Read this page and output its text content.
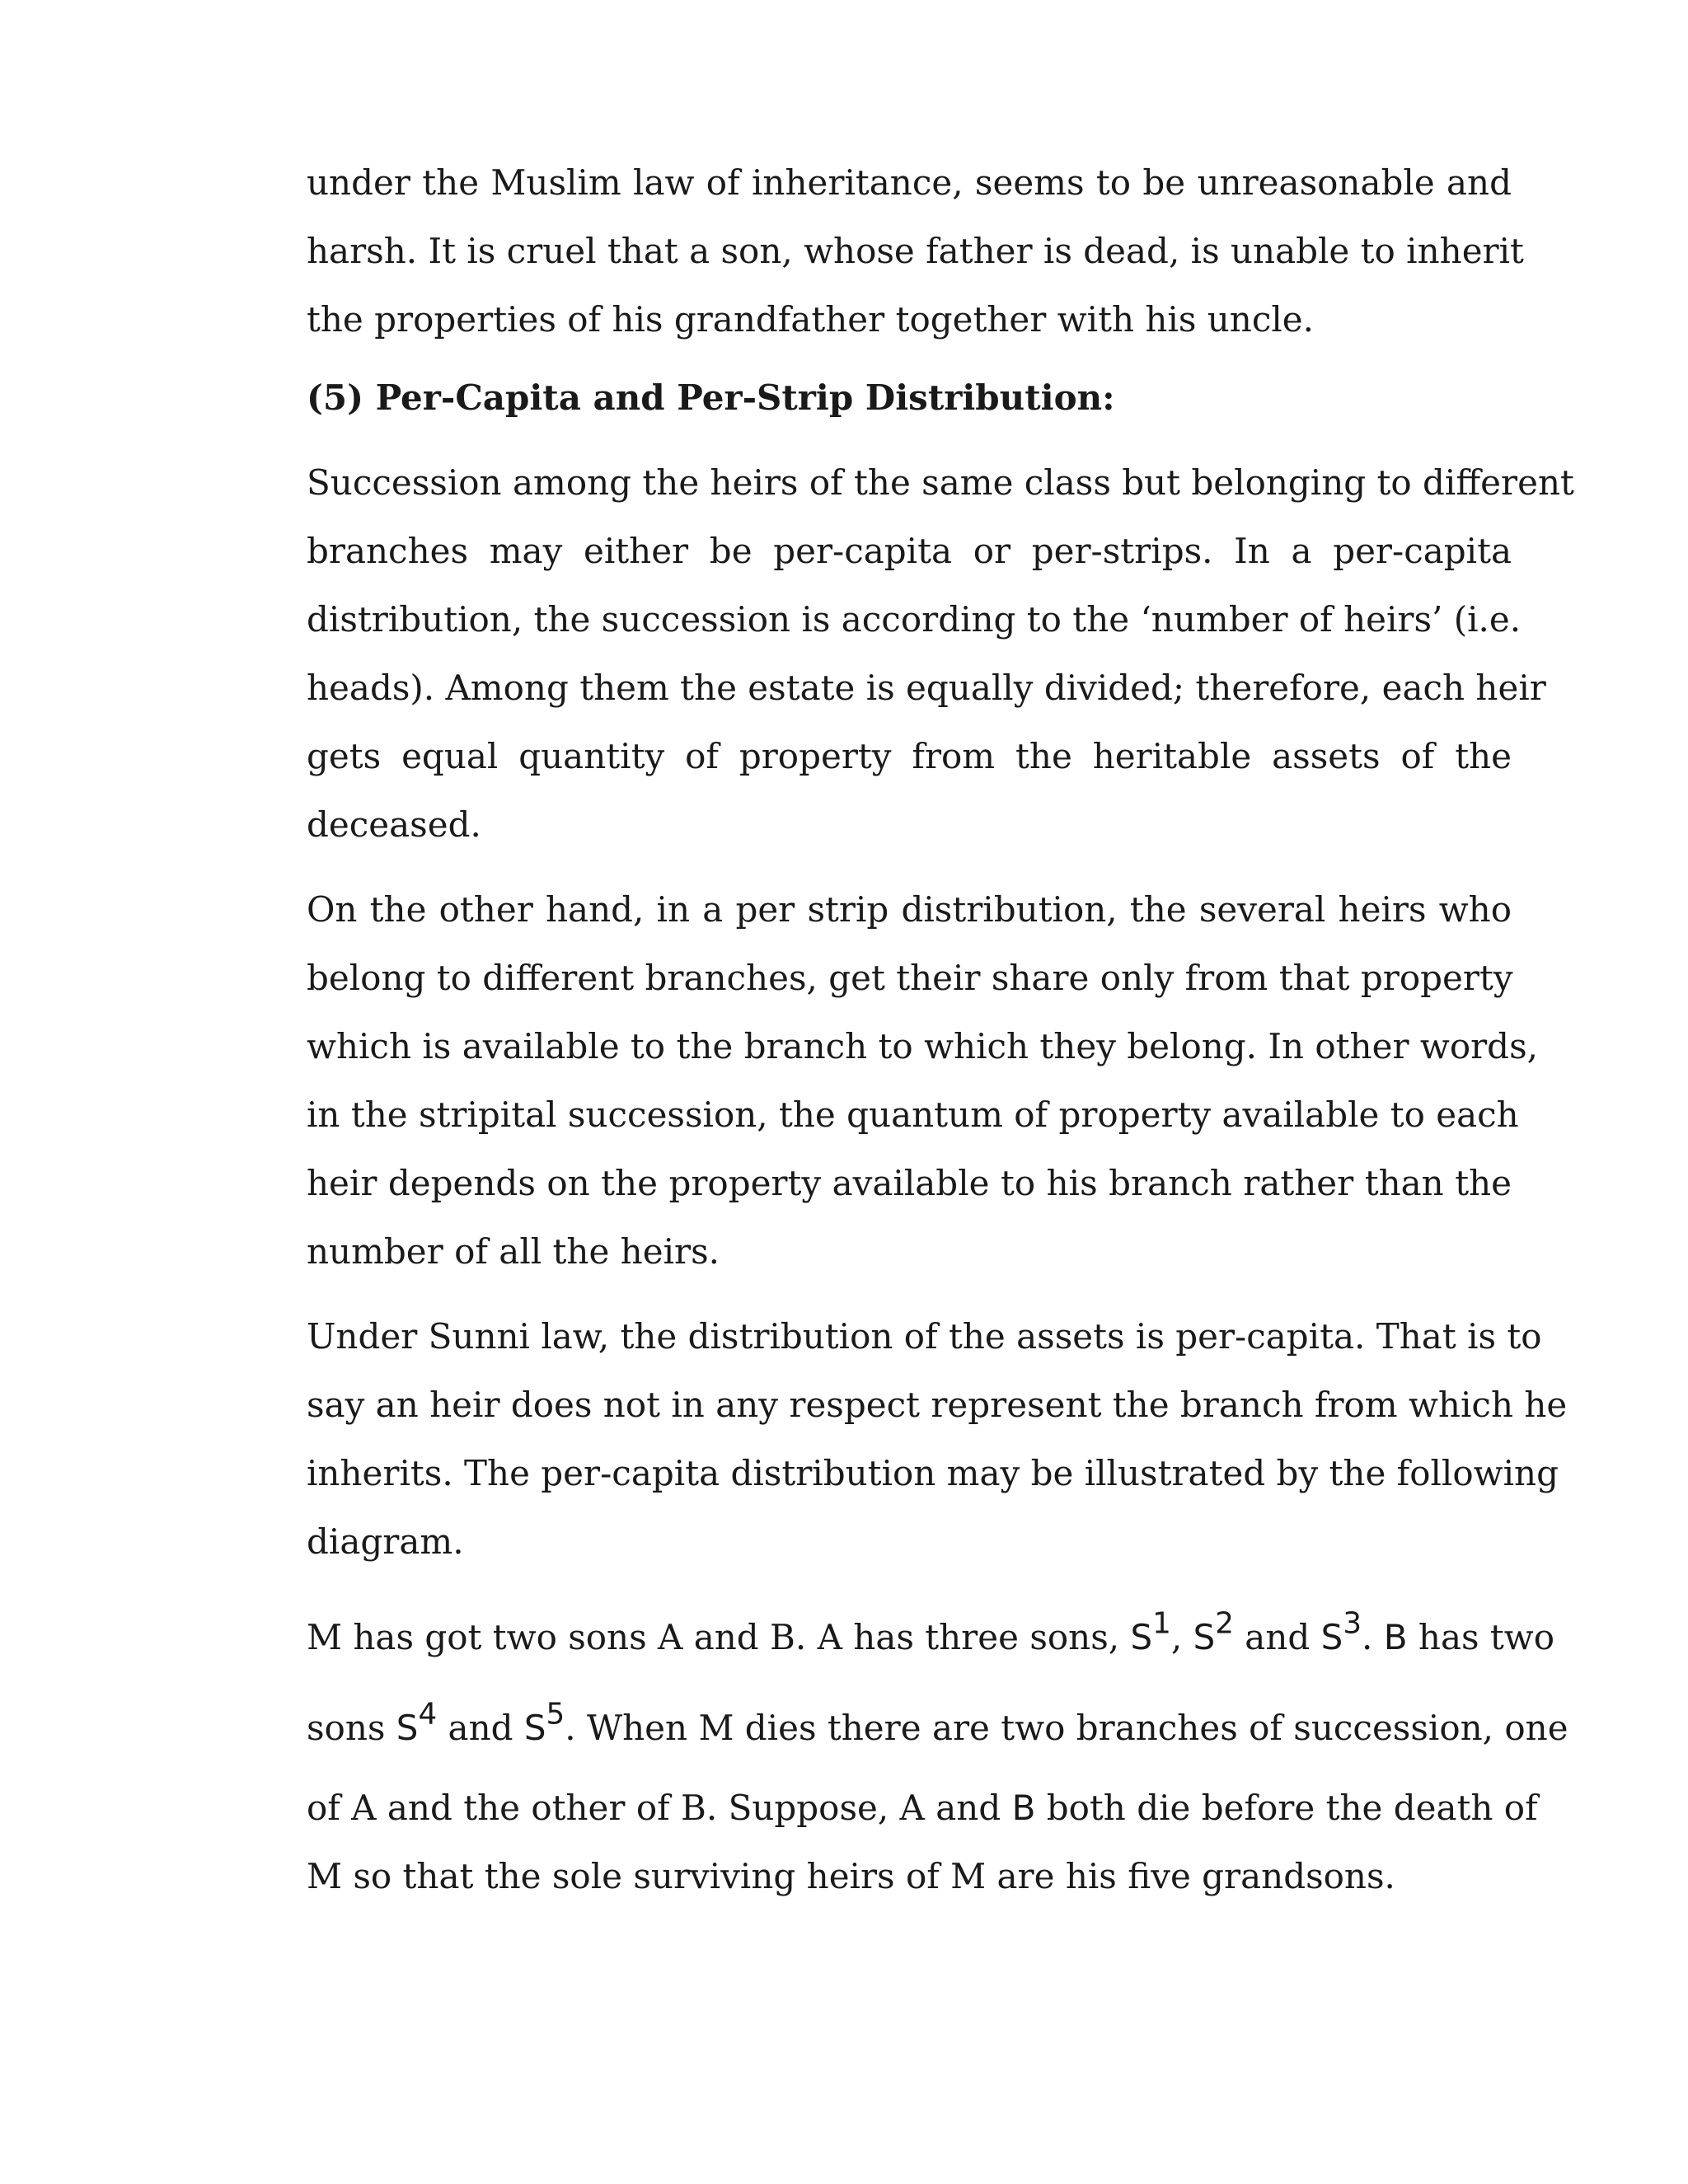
under the Muslim law of inheritance, seems to be unreasonable and
harsh. It is cruel that a son, whose father is dead, is unable to inherit
the properties of his grandfather together with his uncle.

(5) Per-Capita and Per-Strip Distribution:

Succession among the heirs of the same class but belonging to different
branches may either be per-capita or per-strips. In a per-capita
distribution, the succession is according to the ‘number of heirs’ (i.e.
heads). Among them the estate is equally divided; therefore, each heir
gets equal quantity of property from the heritable assets of the
deceased.

On the other hand, in a per strip distribution, the several heirs who
belong to different branches, get their share only from that property
which is available to the branch to which they belong. In other words,
in the stripital succession, the quantum of property available to each
heir depends on the property available to his branch rather than the
number of all the heirs.

Under Sunni law, the distribution of the assets is per-capita. That is to
say an heir does not in any respect represent the branch from which he
inherits. The per-capita distribution may be illustrated by the following
diagram.

M has got two sons A and B. A has three sons, $S^1$, $S^2$ and $S^3$. B has two
sons $S^4$ and $S^5$. When M dies there are two branches of succession, one
of A and the other of B. Suppose, A and B both die before the death of
M so that the sole surviving heirs of M are his five grandsons.
